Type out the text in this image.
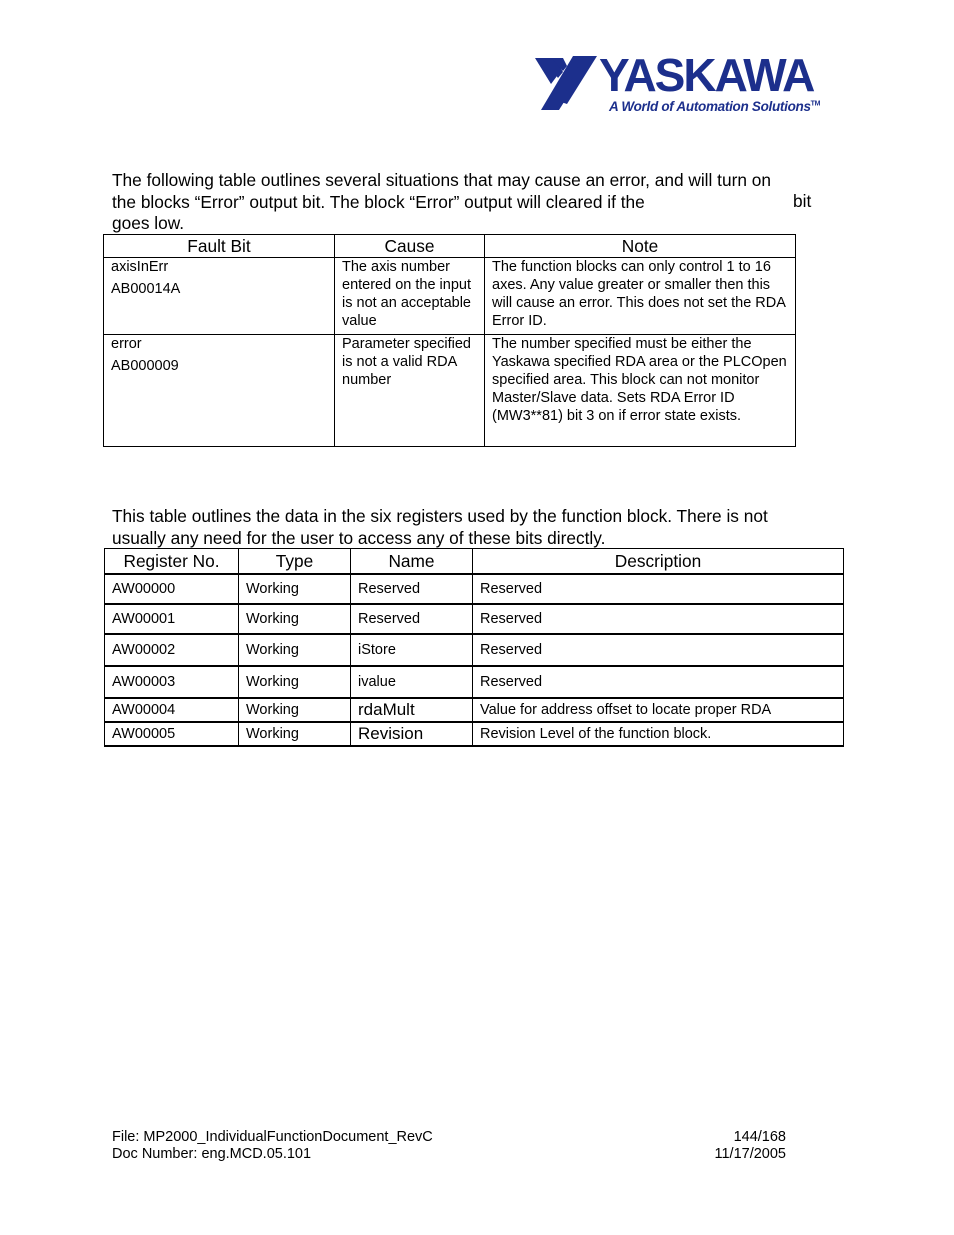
YASKAWA
A World of Automation Solutions™

The following table outlines several situations that may cause an error, and will turn on

the blocks “Error” output bit. The block “Error” output will cleared if the

goes low.

bit
Fault Bit	Cause	Note

axisInErr
AB00014A	The axis number entered on the input is not an acceptable value	The function blocks can only control 1 to 16 axes. Any value greater or smaller then this will cause an error. This does not set the RDA Error ID.

error
AB000009	Parameter specified is not a valid RDA number	The number specified must be either the Yaskawa specified RDA area or the PLCOpen specified area. This block can not monitor Master/Slave data. Sets RDA Error ID (MW3**81) bit 3 on if error state exists.

This table outlines the data in the six registers used by the function block. There is not

usually any need for the user to access any of these bits directly.

Register No.	Type	Name	Description
AW00000	Working	Reserved	Reserved
AW00001	Working	Reserved	Reserved
AW00002	Working	iStore	Reserved
AW00003	Working	ivalue	Reserved
AW00004	Working	rdaMult	Value for address offset to locate proper RDA
AW00005	Working	Revision	Revision Level of the function block.
File: MP2000_IndividualFunctionDocument_RevC
Doc Number: eng.MCD.05.101
144/168
11/17/2005
